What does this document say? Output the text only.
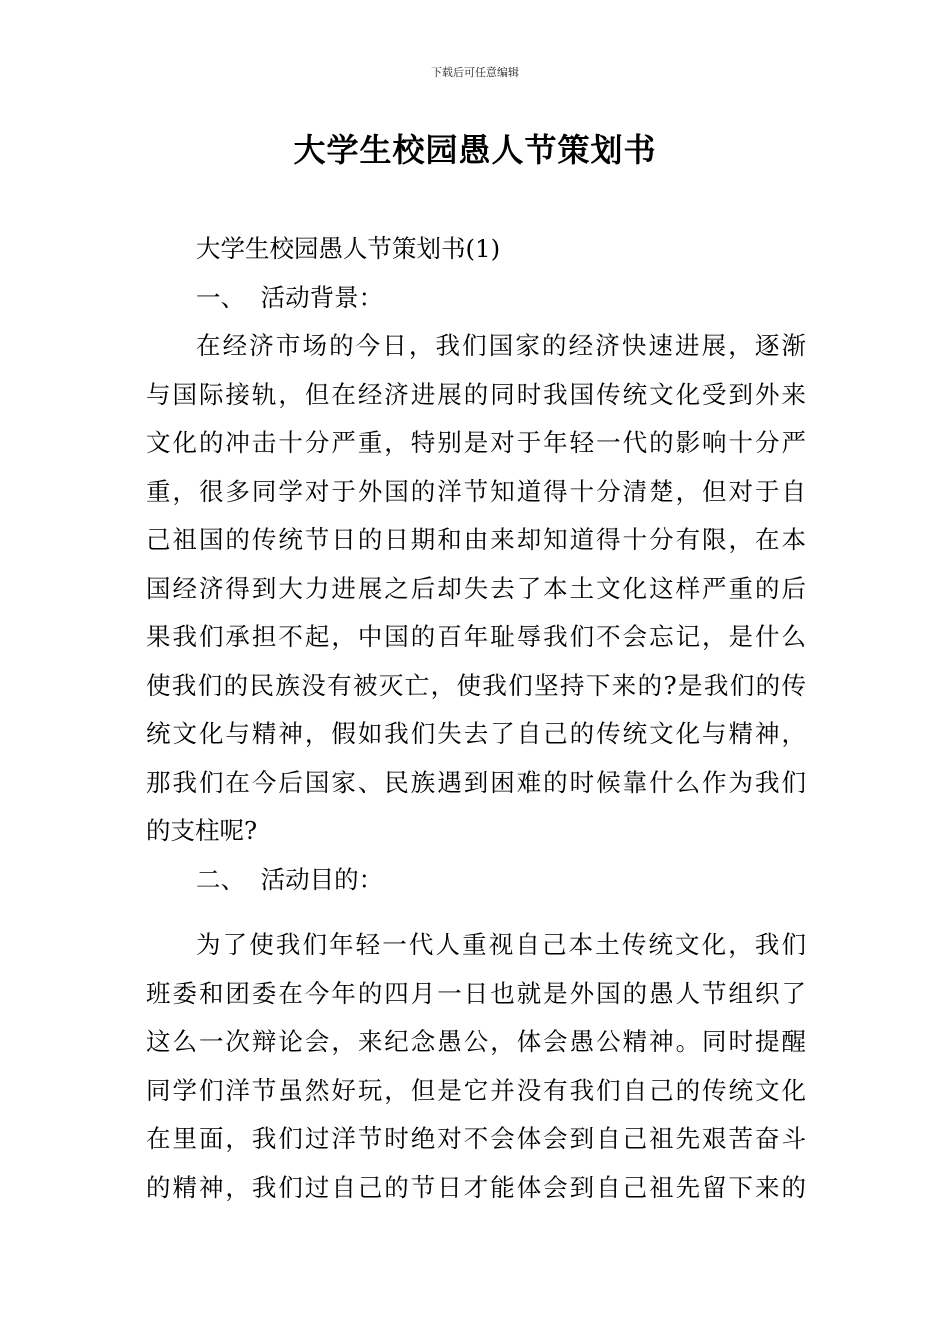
下载后可任意编辑
大学生校园愚人节策划书
大学生校园愚人节策划书(1)
一、  活动背景：
在经济市场的今日，我们国家的经济快速进展，逐渐
与国际接轨，但在经济进展的同时我国传统文化受到外来
文化的冲击十分严重，特别是对于年轻一代的影响十分严
重，很多同学对于外国的洋节知道得十分清楚，但对于自
己祖国的传统节日的日期和由来却知道得十分有限，在本
国经济得到大力进展之后却失去了本土文化这样严重的后
果我们承担不起，中国的百年耻辱我们不会忘记，是什么
使我们的民族没有被灭亡，使我们坚持下来的?是我们的传
统文化与精神，假如我们失去了自己的传统文化与精神，
那我们在今后国家、民族遇到困难的时候靠什么作为我们
的支柱呢?
二、  活动目的：
为了使我们年轻一代人重视自己本土传统文化，我们
班委和团委在今年的四月一日也就是外国的愚人节组织了
这么一次辩论会，来纪念愚公，体会愚公精神。同时提醒
同学们洋节虽然好玩，但是它并没有我们自己的传统文化
在里面，我们过洋节时绝对不会体会到自己祖先艰苦奋斗
的精神，我们过自己的节日才能体会到自己祖先留下来的
